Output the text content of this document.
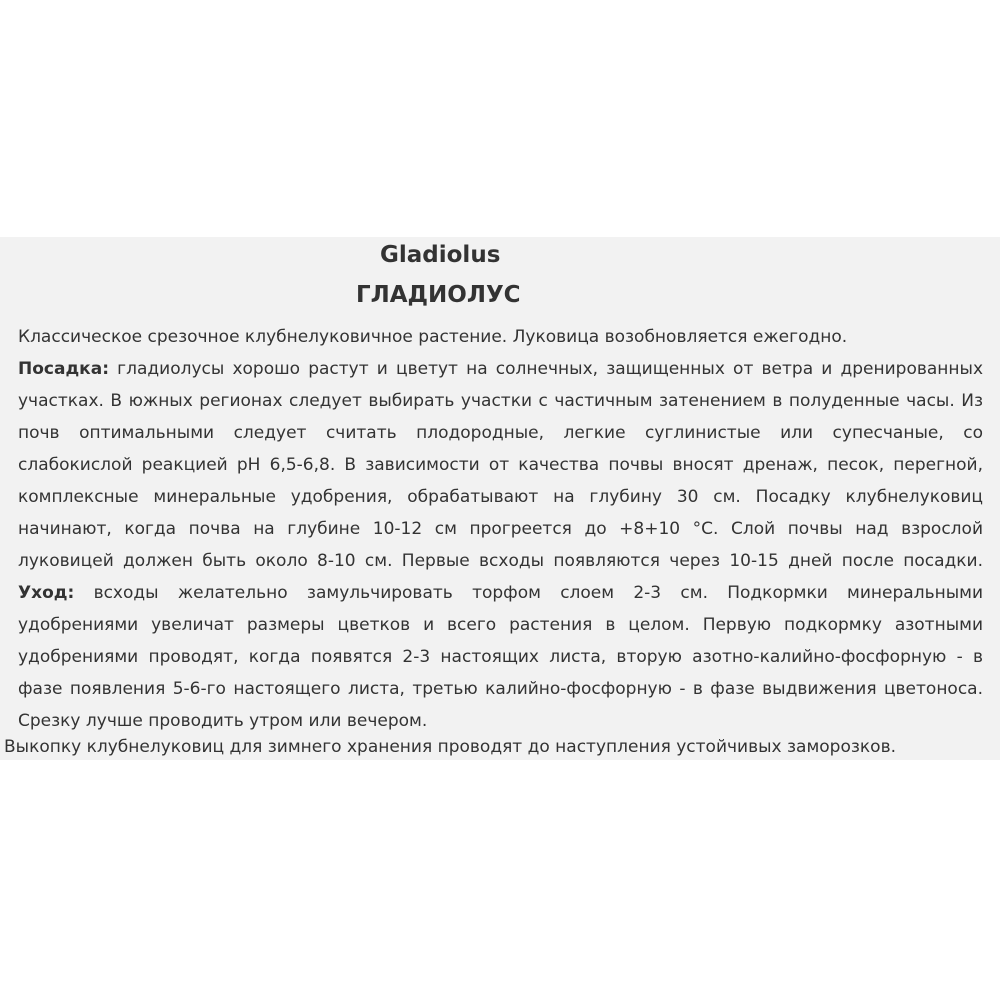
Gladiolus
ГЛАДИОЛУС
Классическое срезочное клубнелуковичное растение. Луковица возобновляется ежегодно.
Посадка: гладиолусы хорошо растут и цветут на солнечных, защищенных от ветра и дренированных
участках. В южных регионах следует выбирать участки с частичным затенением в полуденные часы. Из
почв оптимальными следует считать плодородные, легкие суглинистые или супесчаные, со
слабокислой реакцией pH 6,5-6,8. В зависимости от качества почвы вносят дренаж, песок, перегной,
комплексные минеральные удобрения, обрабатывают на глубину 30 см. Посадку клубнелуковиц
начинают, когда почва на глубине 10-12 см прогреется до +8+10 °С. Слой почвы над взрослой
луковицей должен быть около 8-10 см. Первые всходы появляются через 10-15 дней после посадки.
Уход: всходы желательно замульчировать торфом слоем 2-3 см. Подкормки минеральными
удобрениями увеличат размеры цветков и всего растения в целом. Первую подкормку азотными
удобрениями проводят, когда появятся 2-3 настоящих листа, вторую азотно-калийно-фосфорную - в
фазе появления 5-6-го настоящего листа, третью калийно-фосфорную - в фазе выдвижения цветоноса.
Срезку лучше проводить утром или вечером.
Выкопку клубнелуковиц для зимнего хранения проводят до наступления устойчивых заморозков.
